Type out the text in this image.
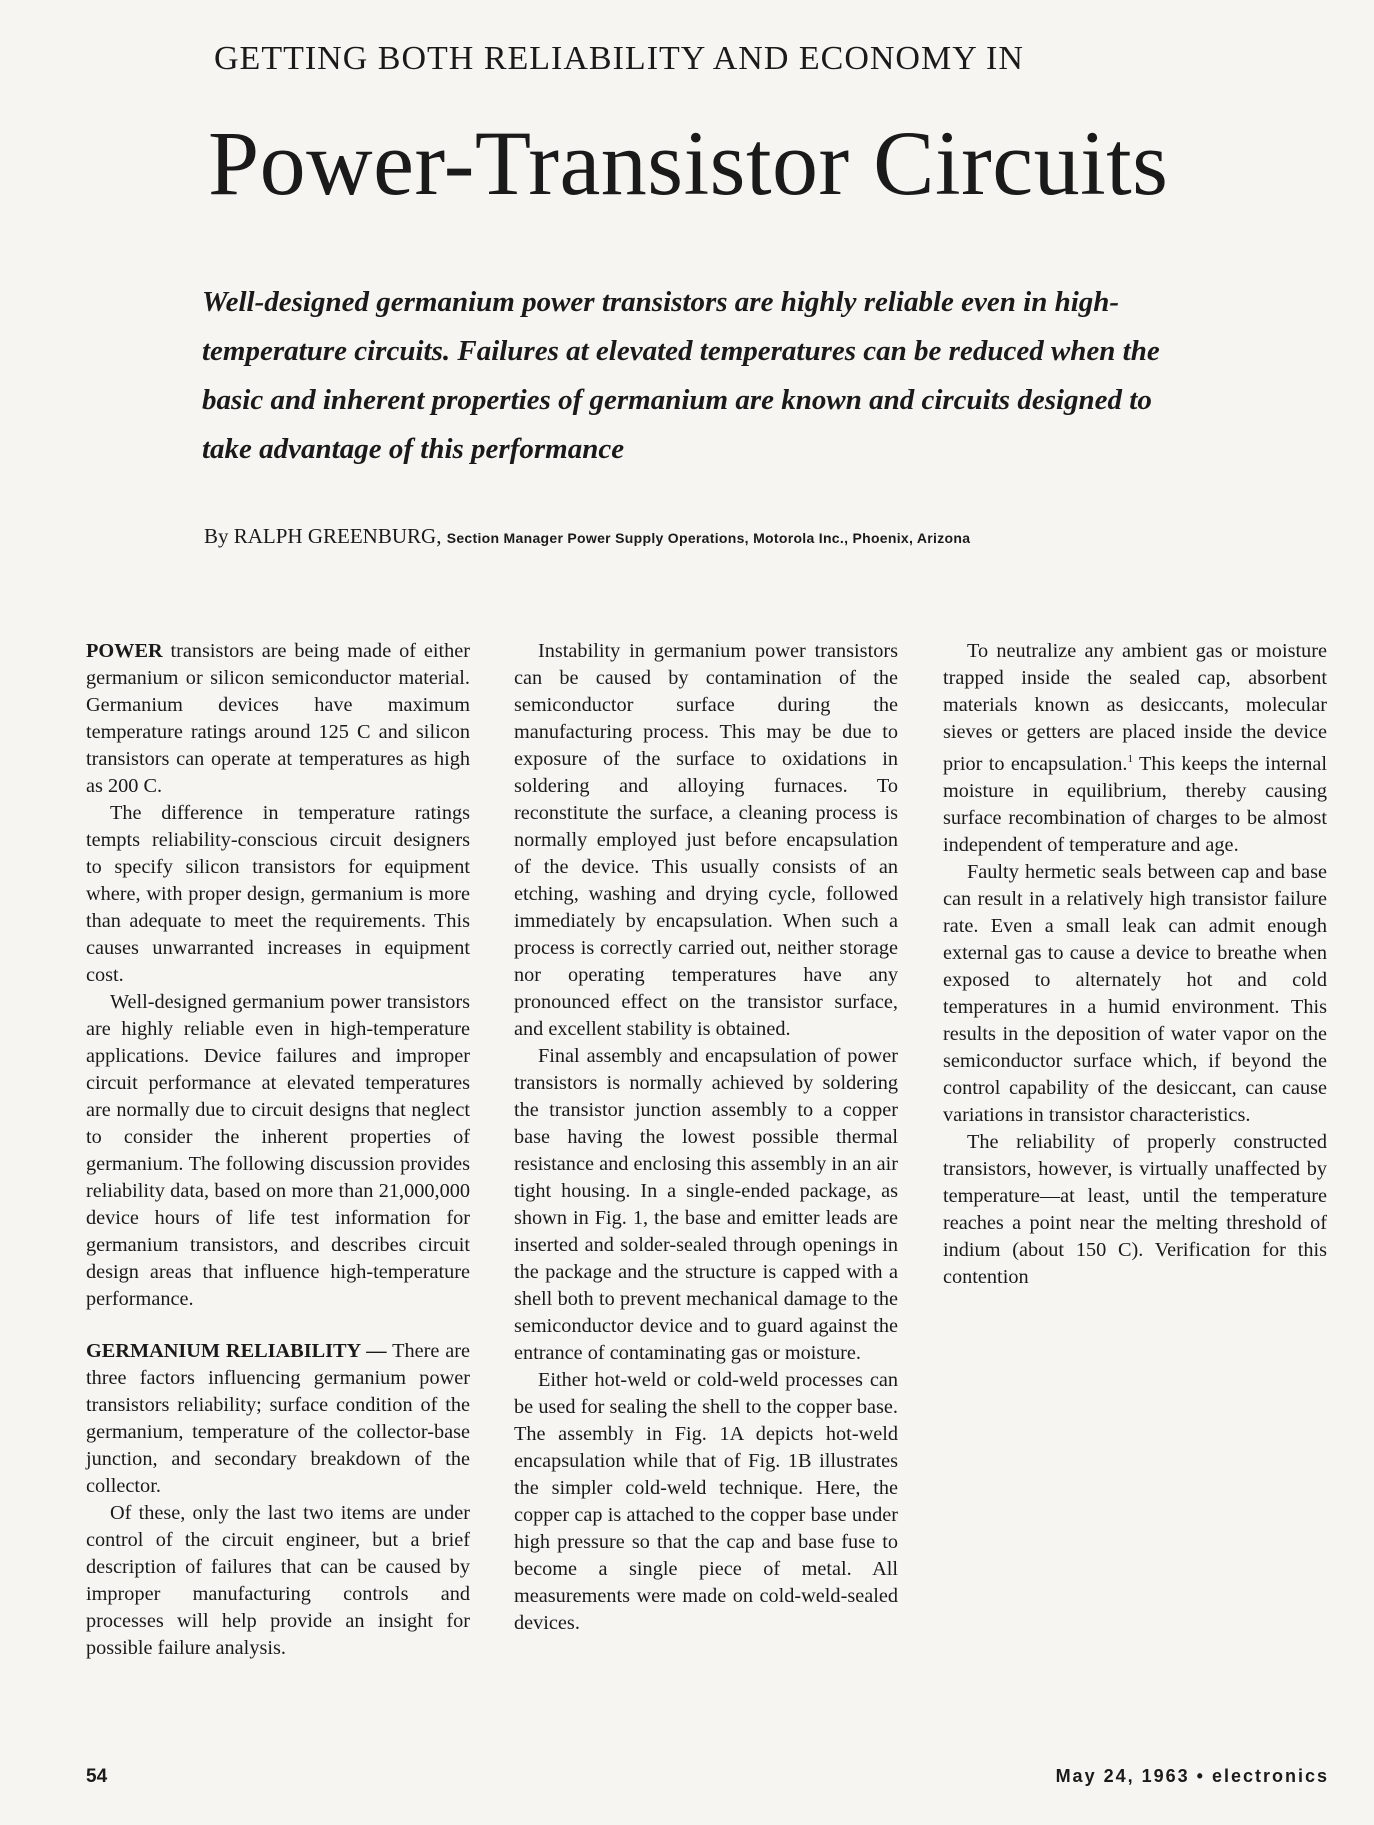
GETTING BOTH RELIABILITY AND ECONOMY IN
Power-Transistor Circuits

Well-designed germanium power transistors are highly reliable even in high-temperature circuits. Failures at elevated temperatures can be reduced when the basic and inherent properties of germanium are known and circuits designed to take advantage of this performance

By RALPH GREENBURG, Section Manager Power Supply Operations, Motorola Inc., Phoenix, Arizona

POWER transistors are being made of either germanium or silicon semiconductor material. Germanium devices have maximum temperature ratings around 125 C and silicon transistors can operate at temperatures as high as 200 C.

The difference in temperature ratings tempts reliability-conscious circuit designers to specify silicon transistors for equipment where, with proper design, germanium is more than adequate to meet the requirements. This causes unwarranted increases in equipment cost.

Well-designed germanium power transistors are highly reliable even in high-temperature applications. Device failures and improper circuit performance at elevated temperatures are normally due to circuit designs that neglect to consider the inherent properties of germanium. The following discussion provides reliability data, based on more than 21,000,000 device hours of life test information for germanium transistors, and describes circuit design areas that influence high-temperature performance.

GERMANIUM RELIABILITY — There are three factors influencing germanium power transistors reliability; surface condition of the germanium, temperature of the collector-base junction, and secondary breakdown of the collector.

Of these, only the last two items are under control of the circuit engineer, but a brief description of failures that can be caused by improper manufacturing controls and processes will help provide an insight for possible failure analysis.

Instability in germanium power transistors can be caused by contamination of the semiconductor surface during the manufacturing process. This may be due to exposure of the surface to oxidations in soldering and alloying furnaces. To reconstitute the surface, a cleaning process is normally employed just before encapsulation of the device. This usually consists of an etching, washing and drying cycle, followed immediately by encapsulation. When such a process is correctly carried out, neither storage nor operating temperatures have any pronounced effect on the transistor surface, and excellent stability is obtained.

Final assembly and encapsulation of power transistors is normally achieved by soldering the transistor junction assembly to a copper base having the lowest possible thermal resistance and enclosing this assembly in an air tight housing. In a single-ended package, as shown in Fig. 1, the base and emitter leads are inserted and solder-sealed through openings in the package and the structure is capped with a shell both to prevent mechanical damage to the semiconductor device and to guard against the entrance of contaminating gas or moisture.

Either hot-weld or cold-weld processes can be used for sealing the shell to the copper base. The assembly in Fig. 1A depicts hot-weld encapsulation while that of Fig. 1B illustrates the simpler cold-weld technique. Here, the copper cap is attached to the copper base under high pressure so that the cap and base fuse to become a single piece of metal. All measurements were made on cold-weld-sealed devices.

To neutralize any ambient gas or moisture trapped inside the sealed cap, absorbent materials known as desiccants, molecular sieves or getters are placed inside the device prior to encapsulation.$^1$ This keeps the internal moisture in equilibrium, thereby causing surface recombination of charges to be almost independent of temperature and age.

Faulty hermetic seals between cap and base can result in a relatively high transistor failure rate. Even a small leak can admit enough external gas to cause a device to breathe when exposed to alternately hot and cold temperatures in a humid environment. This results in the deposition of water vapor on the semiconductor surface which, if beyond the control capability of the desiccant, can cause variations in transistor characteristics.

The reliability of properly constructed transistors, however, is virtually unaffected by temperature—at least, until the temperature reaches a point near the melting threshold of indium (about 150 C). Verification for this contention

54	May 24, 1963 • electronics
